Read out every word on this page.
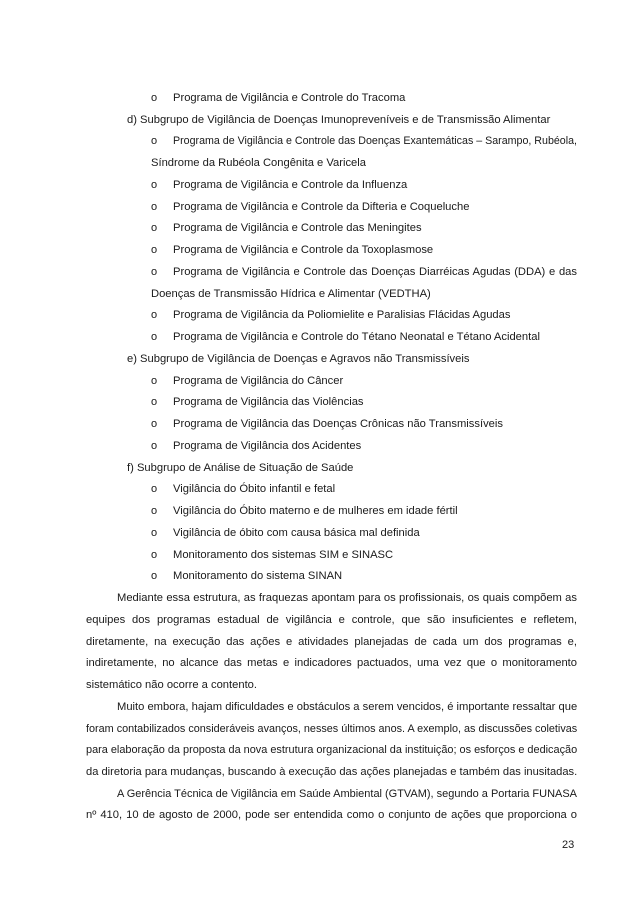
o Programa de Vigilância e Controle do Tracoma
d) Subgrupo de Vigilância de Doenças Imunopreveníveis e de Transmissão Alimentar
o Programa de Vigilância e Controle das Doenças Exantemáticas – Sarampo, Rubéola,
Síndrome da Rubéola Congênita e Varicela
o Programa de Vigilância e Controle da Influenza
o Programa de Vigilância e Controle da Difteria e Coqueluche
o Programa de Vigilância e Controle das Meningites
o Programa de Vigilância e Controle da Toxoplasmose
o Programa de Vigilância e Controle das Doenças Diarréicas Agudas (DDA) e das
Doenças de Transmissão Hídrica e Alimentar (VEDTHA)
o Programa de Vigilância da Poliomielite e Paralisias Flácidas Agudas
o Programa de Vigilância e Controle do Tétano Neonatal e Tétano Acidental
e) Subgrupo de Vigilância de Doenças e Agravos não Transmissíveis
o Programa de Vigilância do Câncer
o Programa de Vigilância das Violências
o Programa de Vigilância das Doenças Crônicas não Transmissíveis
o Programa de Vigilância dos Acidentes
f) Subgrupo de Análise de Situação de Saúde
o Vigilância do Óbito infantil e fetal
o Vigilância do Óbito materno e de mulheres em idade fértil
o Vigilância de óbito com causa básica mal definida
o Monitoramento dos sistemas SIM e SINASC
o Monitoramento do sistema SINAN
Mediante essa estrutura, as fraquezas apontam para os profissionais, os quais compõem as
equipes dos programas estadual de vigilância e controle, que são insuficientes e refletem,
diretamente, na execução das ações e atividades planejadas de cada um dos programas e,
indiretamente, no alcance das metas e indicadores pactuados, uma vez que o monitoramento
sistemático não ocorre a contento.
Muito embora, hajam dificuldades e obstáculos a serem vencidos, é importante ressaltar que
foram contabilizados consideráveis avanços, nesses últimos anos. A exemplo, as discussões coletivas
para elaboração da proposta da nova estrutura organizacional da instituição; os esforços e dedicação
da diretoria para mudanças, buscando à execução das ações planejadas e também das inusitadas.
A Gerência Técnica de Vigilância em Saúde Ambiental (GTVAM), segundo a Portaria FUNASA
nº 410, 10 de agosto de 2000, pode ser entendida como o conjunto de ações que proporciona o
23
